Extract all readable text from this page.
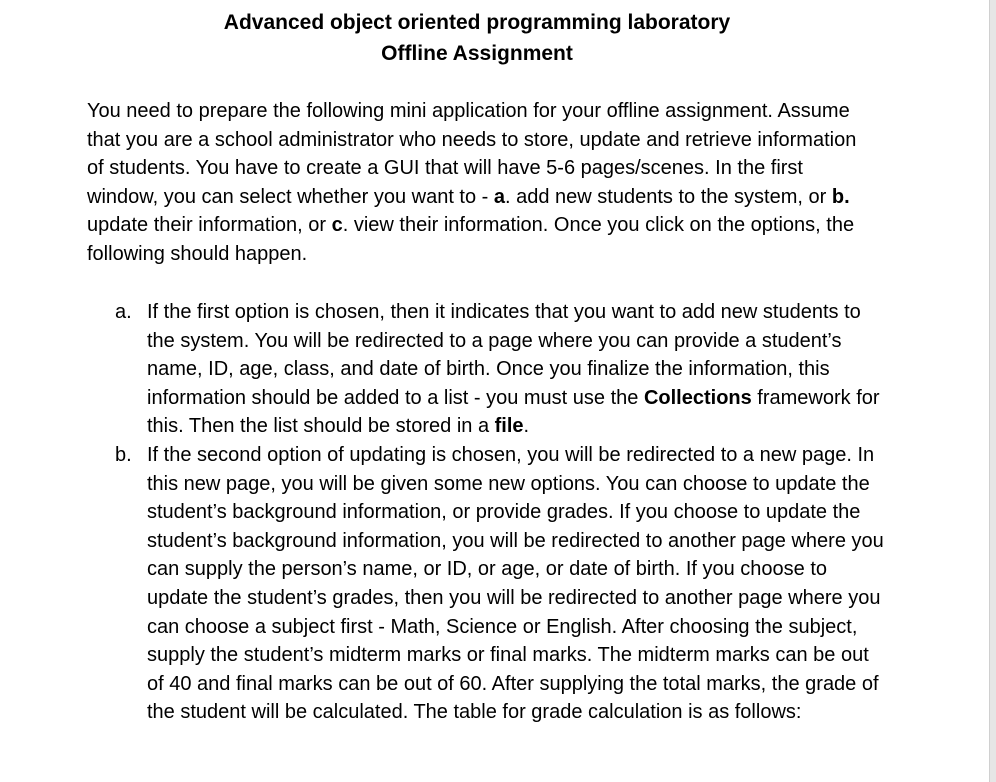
Advanced object oriented programming laboratory
Offline Assignment

You need to prepare the following mini application for your offline assignment. Assume that you are a school administrator who needs to store, update and retrieve information of students. You have to create a GUI that will have 5-6 pages/scenes. In the first window, you can select whether you want to - a. add new students to the system, or b. update their information, or c. view their information. Once you click on the options, the following should happen.

a. If the first option is chosen, then it indicates that you want to add new students to the system. You will be redirected to a page where you can provide a student’s name, ID, age, class, and date of birth. Once you finalize the information, this information should be added to a list - you must use the Collections framework for this. Then the list should be stored in a file.
b. If the second option of updating is chosen, you will be redirected to a new page. In this new page, you will be given some new options. You can choose to update the student’s background information, or provide grades. If you choose to update the student’s background information, you will be redirected to another page where you can supply the person’s name, or ID, or age, or date of birth. If you choose to update the student’s grades, then you will be redirected to another page where you can choose a subject first - Math, Science or English. After choosing the subject, supply the student’s midterm marks or final marks. The midterm marks can be out of 40 and final marks can be out of 60. After supplying the total marks, the grade of the student will be calculated. The table for grade calculation is as follows:
